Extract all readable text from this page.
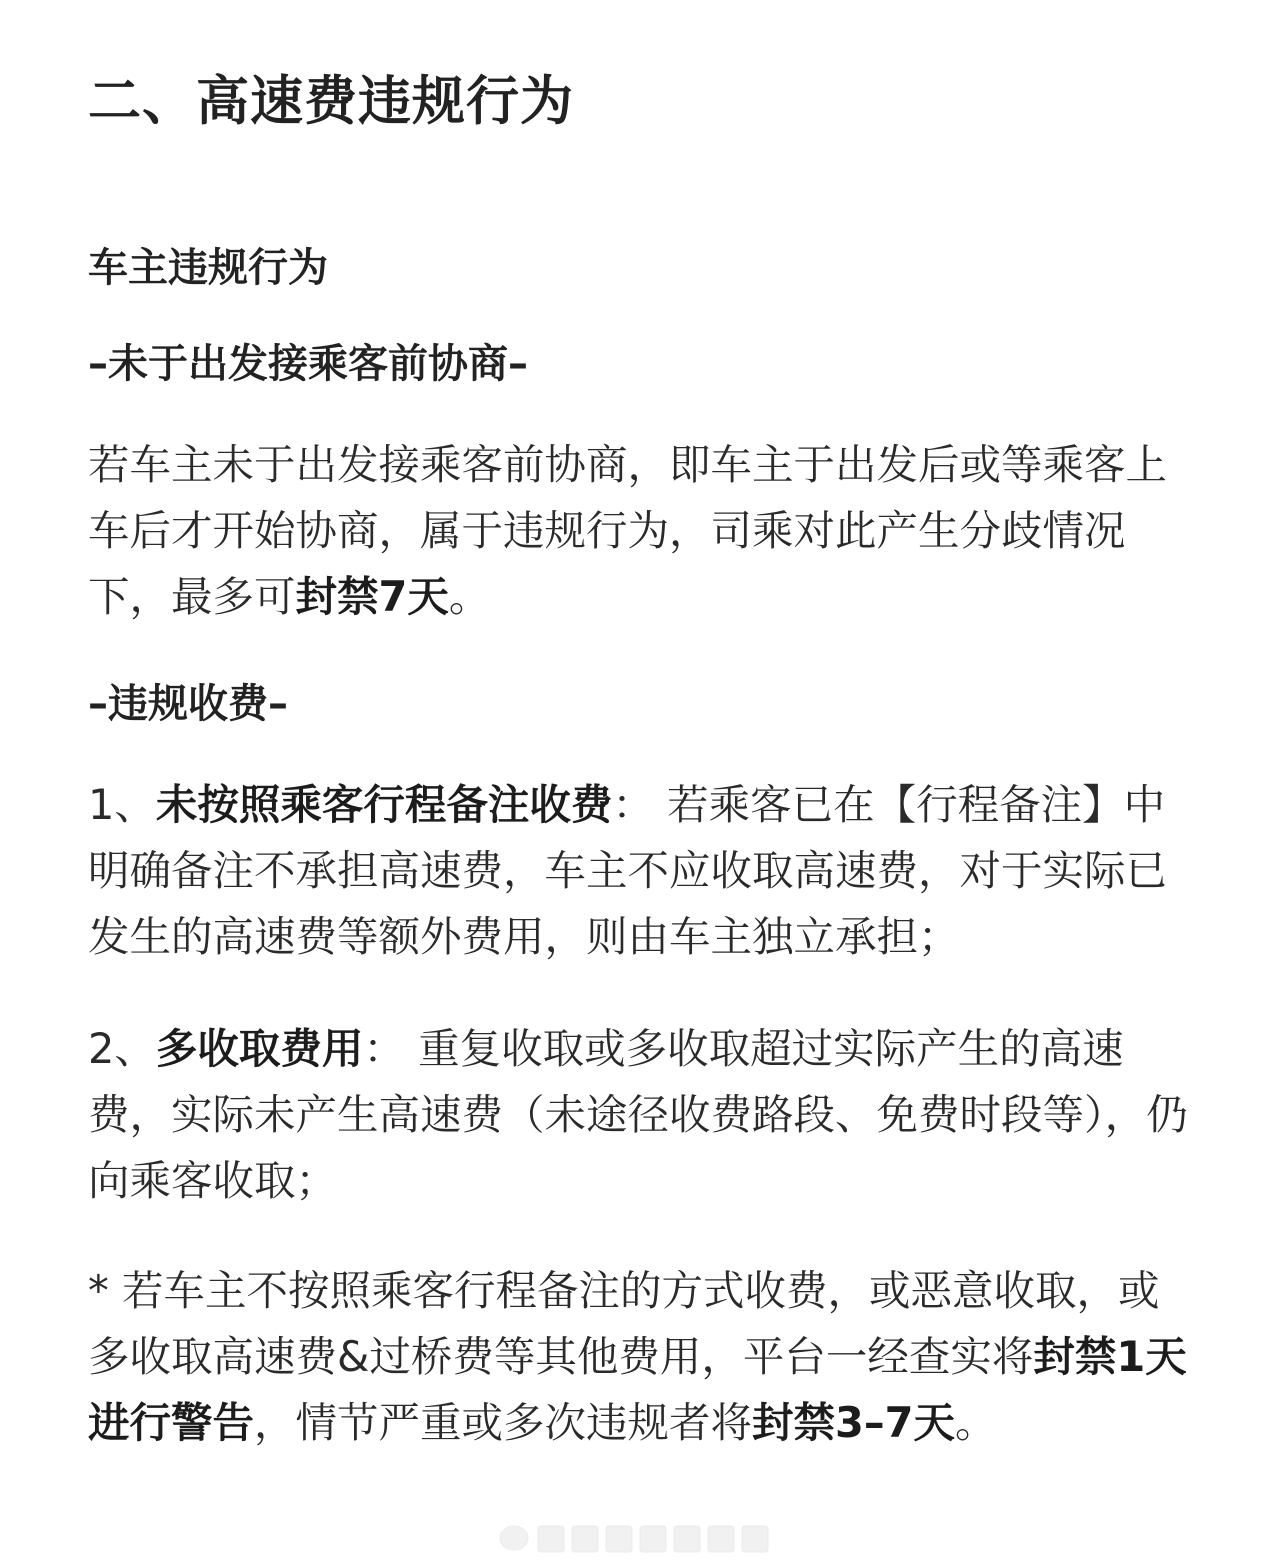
二、高速费违规行为
车主违规行为
–未于出发接乘客前协商–

若车主未于出发接乘客前协商，即车主于出发后或等乘客上车后才开始协商，属于违规行为，司乘对此产生分歧情况下，最多可封禁7天。

–违规收费–

1、未按照乘客行程备注收费： 若乘客已在【行程备注】中明确备注不承担高速费，车主不应收取高速费，对于实际已发生的高速费等额外费用，则由车主独立承担；

2、多收取费用： 重复收取或多收取超过实际产生的高速费，实际未产生高速费（未途径收费路段、免费时段等），仍向乘客收取；

* 若车主不按照乘客行程备注的方式收费，或恶意收取，或多收取高速费&过桥费等其他费用，平台一经查实将封禁1天进行警告，情节严重或多次违规者将封禁3–7天。
